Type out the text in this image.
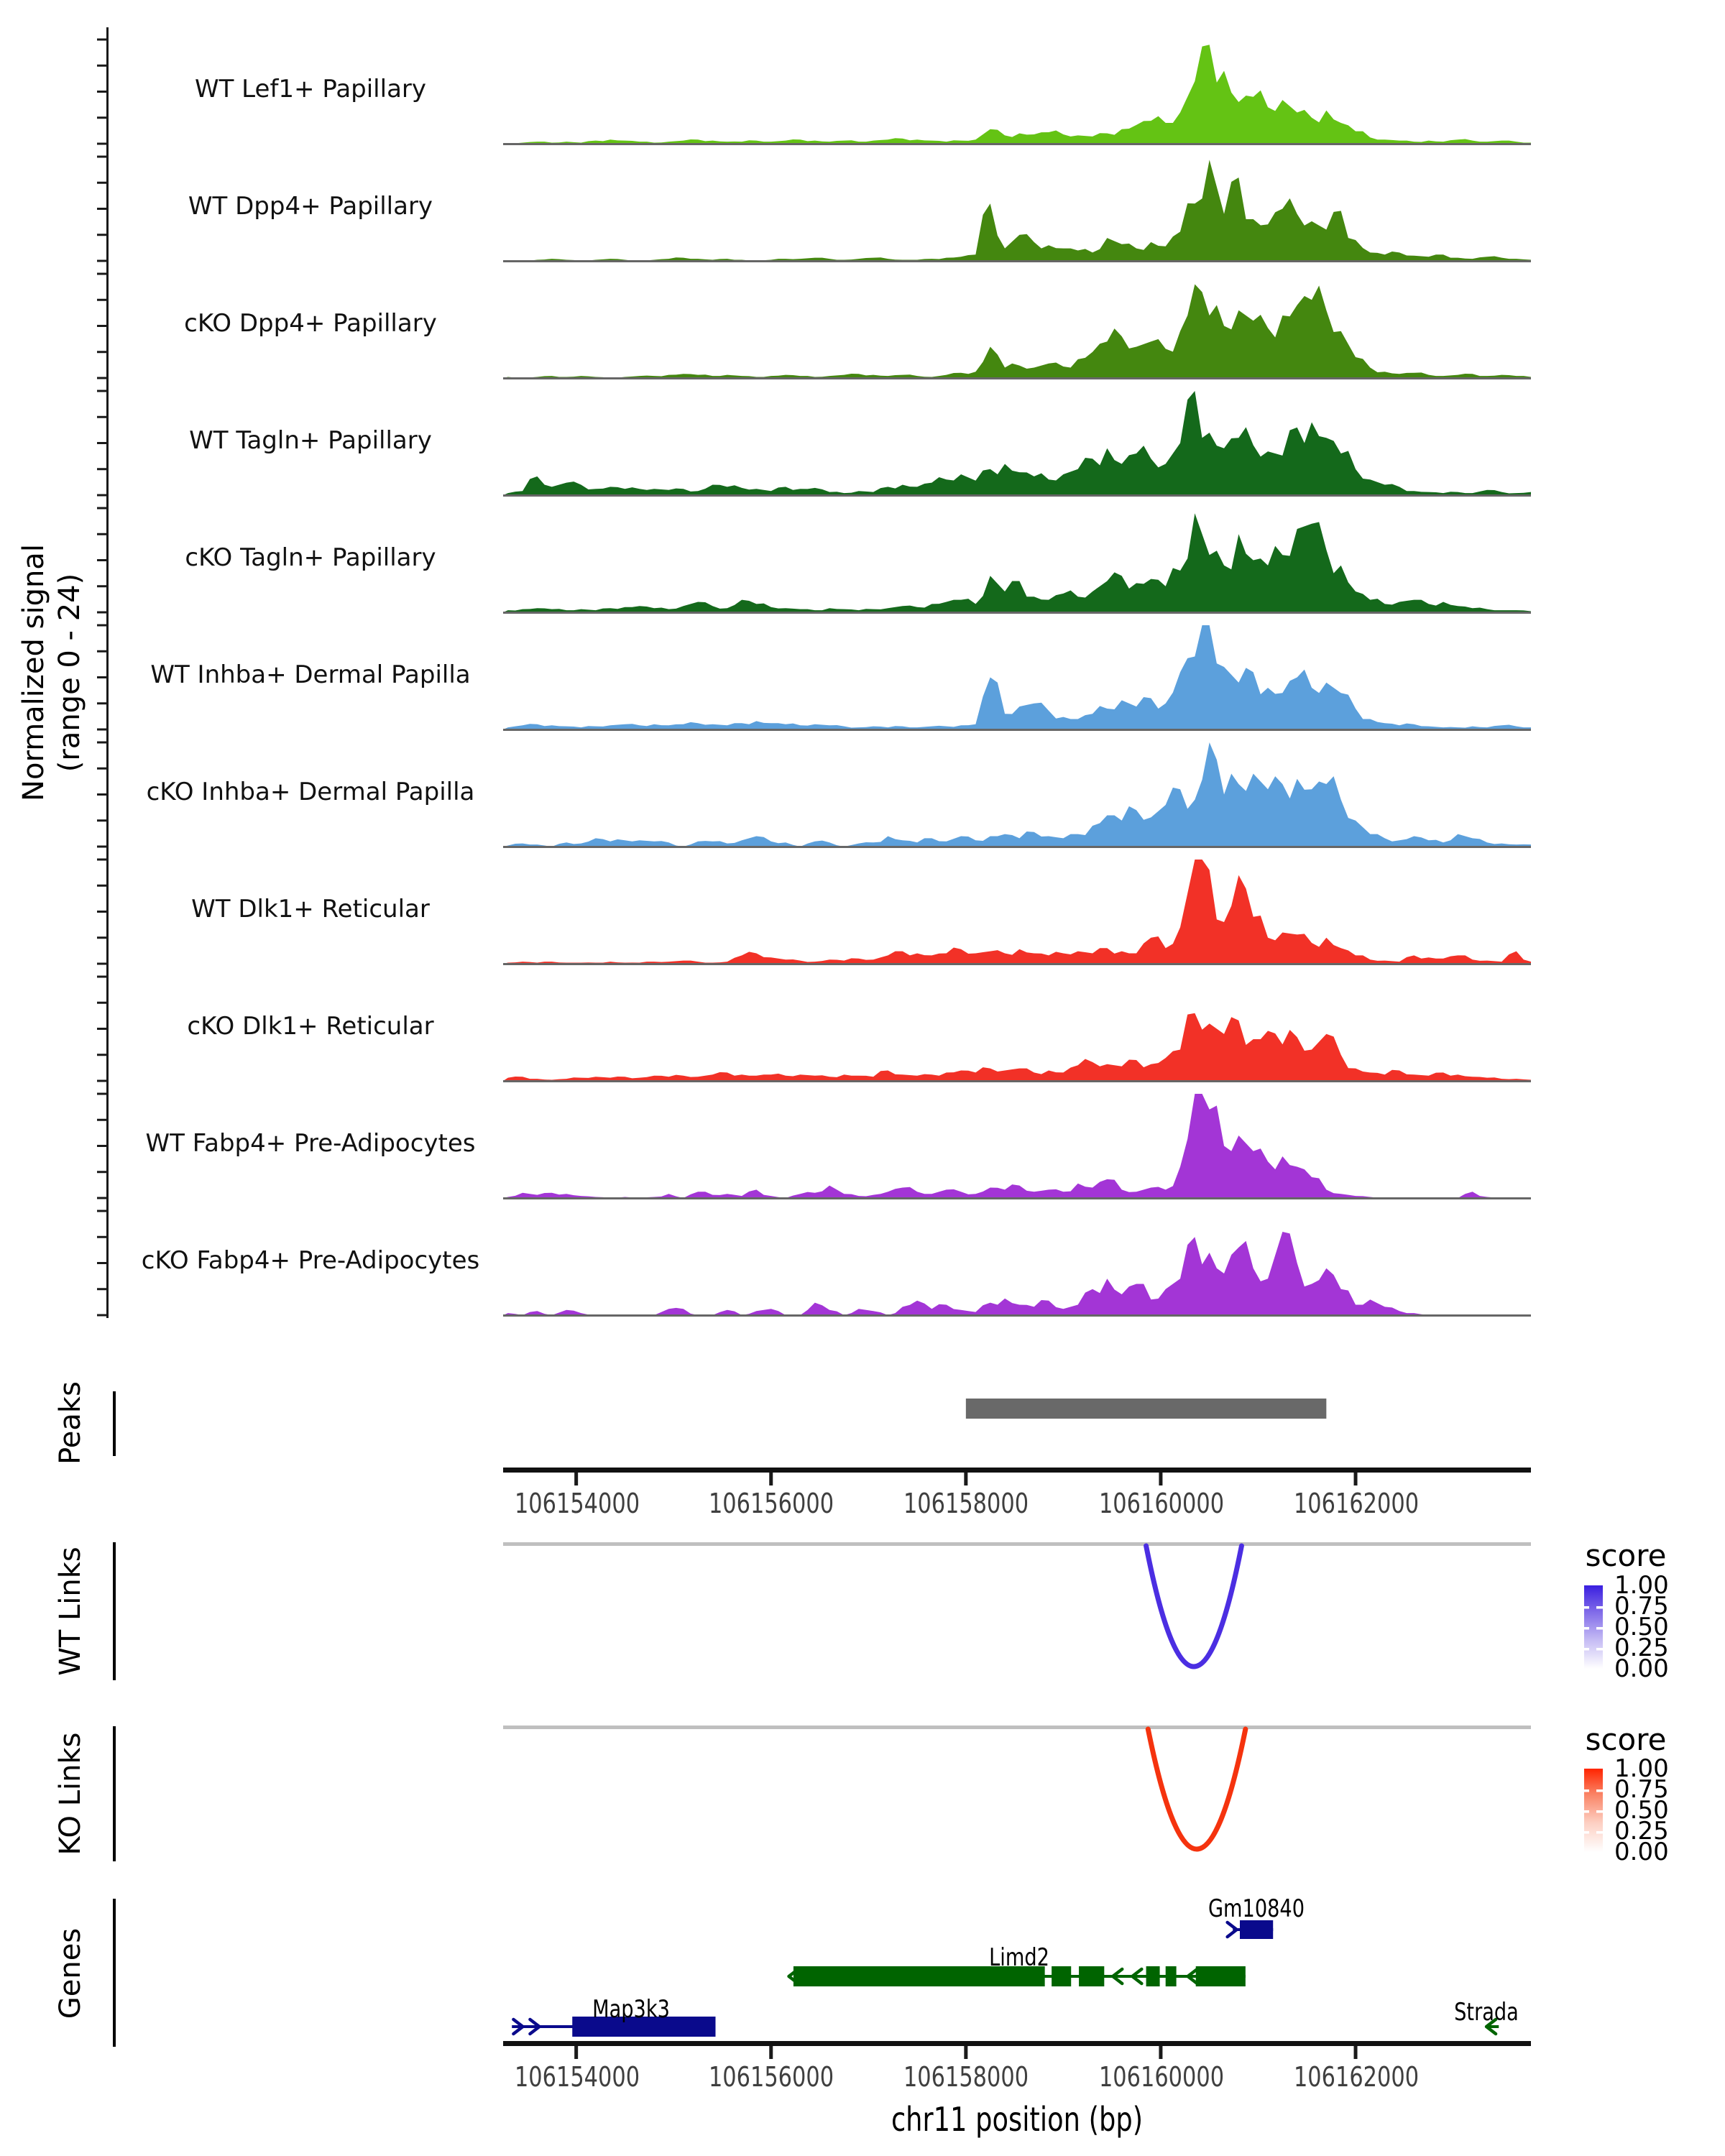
WT Lef1+ Papillary
WT Dpp4+ Papillary
cKO Dpp4+ Papillary
WT Tagln+ Papillary
cKO Tagln+ Papillary
WT Inhba+ Dermal Papilla
cKO Inhba+ Dermal Papilla
WT Dlk1+ Reticular
cKO Dlk1+ Reticular
WT Fabp4+ Pre-Adipocytes
cKO Fabp4+ Pre-Adipocytes
Normalized signal (range 0 - 24)
Peaks
WT Links
KO Links
Genes
106154000	106156000	106158000	106160000	106162000
106154000	106156000	106158000	106160000	106162000
chr11 position (bp)
score
1.00
0.75
0.50
0.25
0.00
score
1.00
0.75
0.50
0.25
0.00
Gm10840
Limd2
Map3k3	Strada
